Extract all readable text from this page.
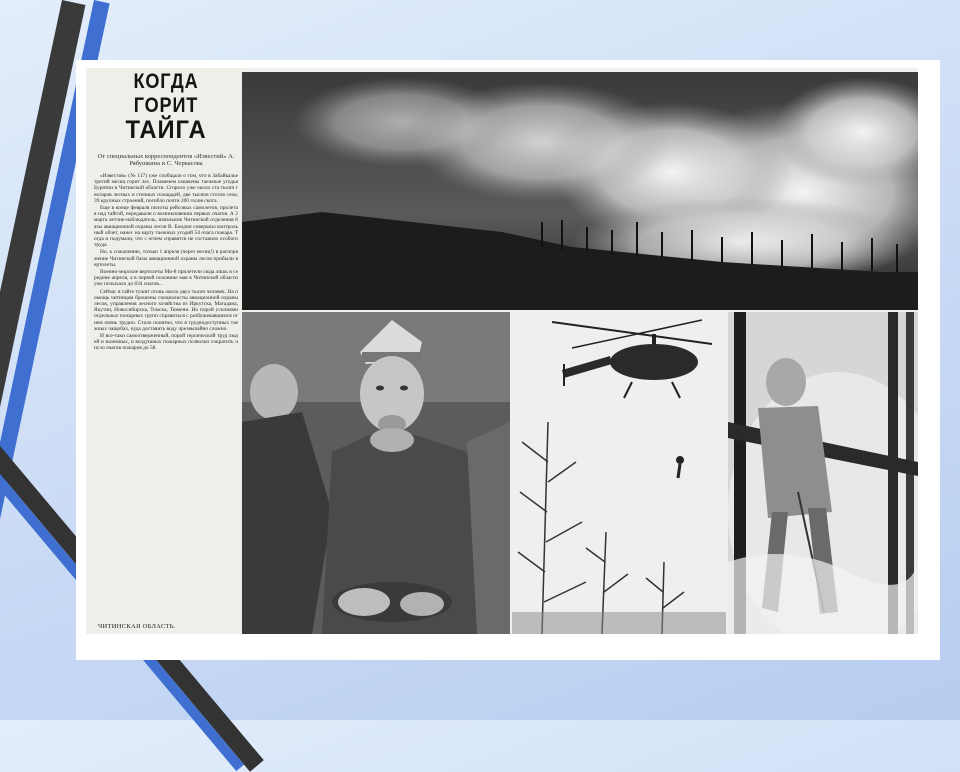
КОГДА ГОРИТ
ТАЙГА
От специальных корреспондентов «Известий» А. Рябушкина и С. Черкасова

«Известия» (№ 117) уже сообщали о том, что в Забайкалье третий месяц горит лес. Пламенем охвачены таежные угодья Бурятии и Читинской области. Сгорело уже около ста тысяч гектаров лесных и степных площадей, две тысячи стогов сена, 39 крупных строений, погибло почти 200 голов скота.

Еще в конце февраля пилоты рейсовых самолетов, пролетая над тайгой, передавали о возникновении первых очагов. А 2 марта летчик-наблюдатель, начальник Читинской отделения базы авиационной охраны лесов В. Бондин совершил контрольный облет, нанес на карту таежных угодий 54 очага пожара. Тогда и подумали, что с огнем справятся не составило особого труда.

Но, к сожалению, только 1 апреля (через месяц!) в распоряжение Читинской базы авиационной охраны лесов прибыли вертолеты.

Военно-морские вертолеты Ми-8 прилетели сюда лишь в середине апреля, а в первой половине мая в Читинской области уже полыхало до 834 очагов...

Сейчас в тайге тушит огонь около двух тысяч человек. На помощь читинцам брошены специалисты авиационной охраны лесов, управления лесного хозяйства из Иркутска, Магадана, Якутии, Новосибирска, Томска, Тюмени. Но порой усилиями отдельных пожарных групп справиться с разбушевавшимся огнем очень трудно. Стало понятно, что в труднодоступных таежных чащобах, куда доставить воду чрезвычайно сложно.

И все-таки самоотверженный, порой героический труд людей и наземных, и воздушных пожарных позволил сократить число очагов пожаров до 58.

ЧИТИНСКАЯ ОБЛАСТЬ.
